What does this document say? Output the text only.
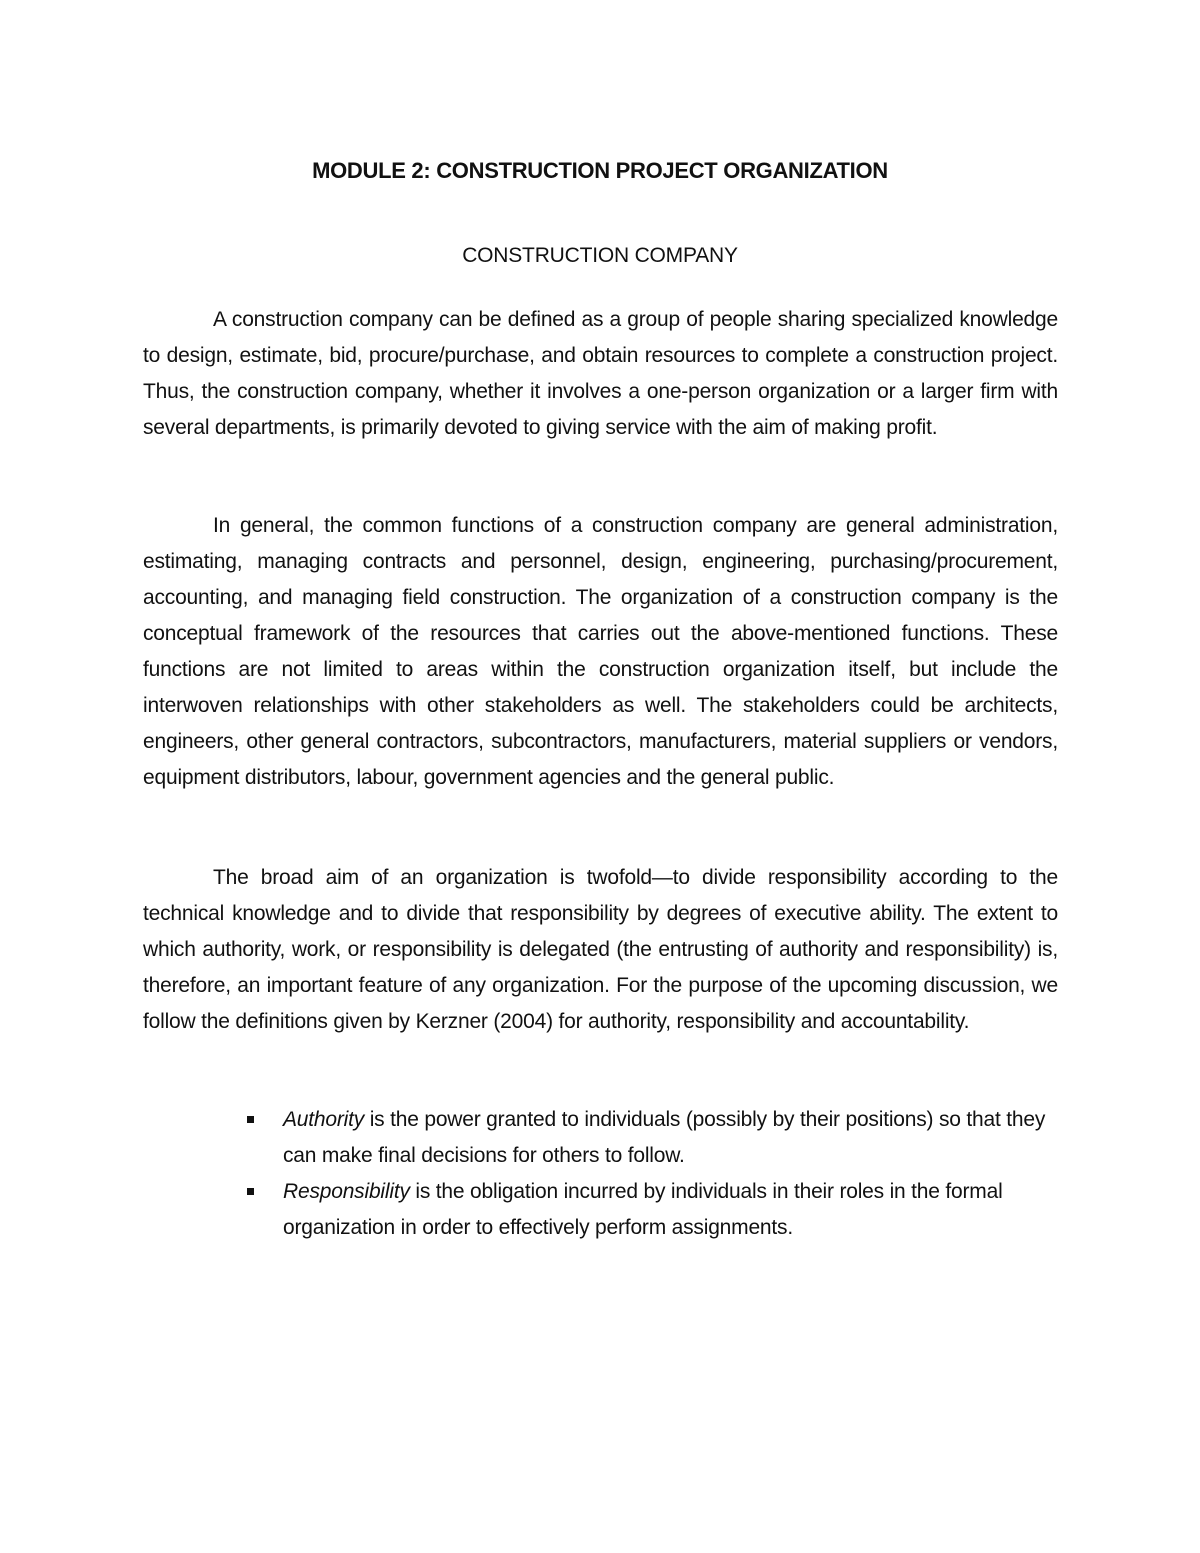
MODULE 2: CONSTRUCTION PROJECT ORGANIZATION
CONSTRUCTION COMPANY

A construction company can be defined as a group of people sharing specialized knowledge to design, estimate, bid, procure/purchase, and obtain resources to complete a construction project. Thus, the construction company, whether it involves a one-person organization or a larger firm with several departments, is primarily devoted to giving service with the aim of making profit.

In general, the common functions of a construction company are general administration, estimating, managing contracts and personnel, design, engineering, purchasing/procurement, accounting, and managing field construction. The organization of a construction company is the conceptual framework of the resources that carries out the above-mentioned functions. These functions are not limited to areas within the construction organization itself, but include the interwoven relationships with other stakeholders as well. The stakeholders could be architects, engineers, other general contractors, subcontractors, manufacturers, material suppliers or vendors, equipment distributors, labour, government agencies and the general public.

The broad aim of an organization is twofold—to divide responsibility according to the technical knowledge and to divide that responsibility by degrees of executive ability. The extent to which authority, work, or responsibility is delegated (the entrusting of authority and responsibility) is, therefore, an important feature of any organization. For the purpose of the upcoming discussion, we follow the definitions given by Kerzner (2004) for authority, responsibility and accountability.

Authority is the power granted to individuals (possibly by their positions) so that they can make final decisions for others to follow.
Responsibility is the obligation incurred by individuals in their roles in the formal organization in order to effectively perform assignments.
